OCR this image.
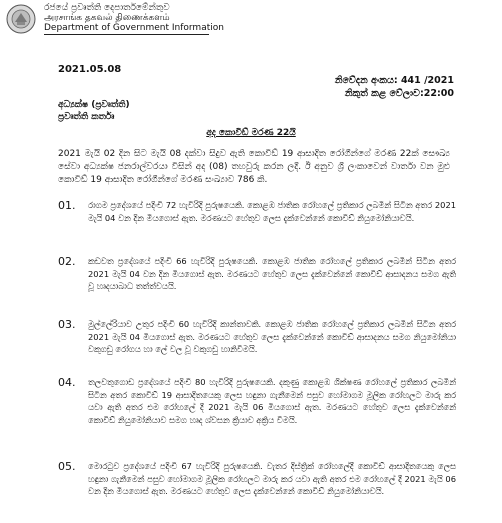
රජයේ ප්‍රවෘත්ති දෙපාර්තමේන්තුව
அரசாங்க தகவல் திணைக்களம்
Department of Government Information
2021.05.08
නිවේදන අංකය: 441 /2021
නිකුත් කළ වේලාව:22:00
අධ්‍යක්ෂ (ප්‍රවෘත්ති)
ප්‍රවෘත්ති කර්තෘ
අද කොවිඩ් මරණ 22යි
2021 මැයි 02 දින සිට මැයි 08 දක්වා සිදුව ඇති කොවිඩ් 19 ආසාදිත රෝගීන්ගේ මරණ 22ක් සෞඛ්‍ය සේවා අධ්‍යක්ෂ ජනරාල්වරයා විසින් අද (08) තහවුරු කරන ලදී. ඊ අනුව ශ්‍රී ලංකාවෙන් වාර්තා වන මුළු කොවිඩ් 19 ආසාදිත රෝගීන්ගේ මරණ සංඛ්‍යාව 786 කි.
01. රාගම ප්‍රදේශයේ පදිංචි 72 හැවිරිදි පුරුෂයෙකි. කොළඹ ජාතික රෝහලේ ප්‍රතිකාර ලබමින් සිටින අතර 2021 මැයි 04 වන දින මියගොස් ඇත. මරණයට හේතුව ලෙස දැක්වෙන්නේ කොවිඩ් නියුමෝනියාවයි.
02. කඩවත ප්‍රදේශයේ පදිංචි 66 හැවිරිදි පුරුෂයෙකි. කොළඹ ජාතික රෝහලේ ප්‍රතිකාර ලබමින් සිටින අතර 2021 මැයි 04 වන දින මියගොස් ඇත. මරණයට හේතුව ලෙස දැක්වෙන්නේ කොවිඩ් ආසාදනය සමග ඇති වූ හෘදයාබාධ තත්ත්වයයි.
03. මුල්ලේරියාව උතුර පදිංචි 60 හැවිරිදි කාන්තාවකි. කොළඹ ජාතික රෝහලේ ප්‍රතිකාර ලබමින් සිටින අතර 2021 මැයි 04 මියගොස් ඇත. මරණයට හේතුව ලෙස දැක්වෙන්නේ කොවිඩ් ආසාදනය සමග නියුමෝනියා වකුගඩු රෝගය හා ලේ වල වූ වකුගඩු හානිවීමයි.
04. තලවතුගොඩ ප්‍රදේශයේ පදිංචි 80 හැවිරිදි පුරුෂයෙකි. දකුණු කොළඹ ශික්ෂණ රෝහලේ ප්‍රතිකාර ලබමින් සිටින අතර කොවිඩ් 19 ආසාදිතයෙකු ලෙස හඳුනා ගැනීමෙන් පසුව හෝමාගම මූලික රෝහලට මාරු කර යවා ඇති අතර එම රෝහලේ දී 2021 මැයි 06 මියගොස් ඇත. මරණයට හේතුව ලෙස දැක්වෙන්නේ කොවිඩ් නියුමෝනියාව සමග හෘද ශ්වසන ක්‍රියාව අක්‍රිය වීමයි.
05. මොරටුව ප්‍රදේශයේ පදිංචි 67 හැවිරිදි පුරුෂයෙකි. වැතර දිස්ත්‍රික් රෝහලේදී කොවිඩ් ආසාදිතයෙකු ලෙස හඳුනා ගැනීමෙන් පසුව හෝමාගම මූලික රෝහලට මාරු කර යවා ඇති අතර එම රෝහලේ දී 2021 මැයි 06 වන දින මියගොස් ඇත. මරණයට හේතුව ලෙස දැක්වෙන්නේ කොවිඩ් නියුමෝනියාවයි.
